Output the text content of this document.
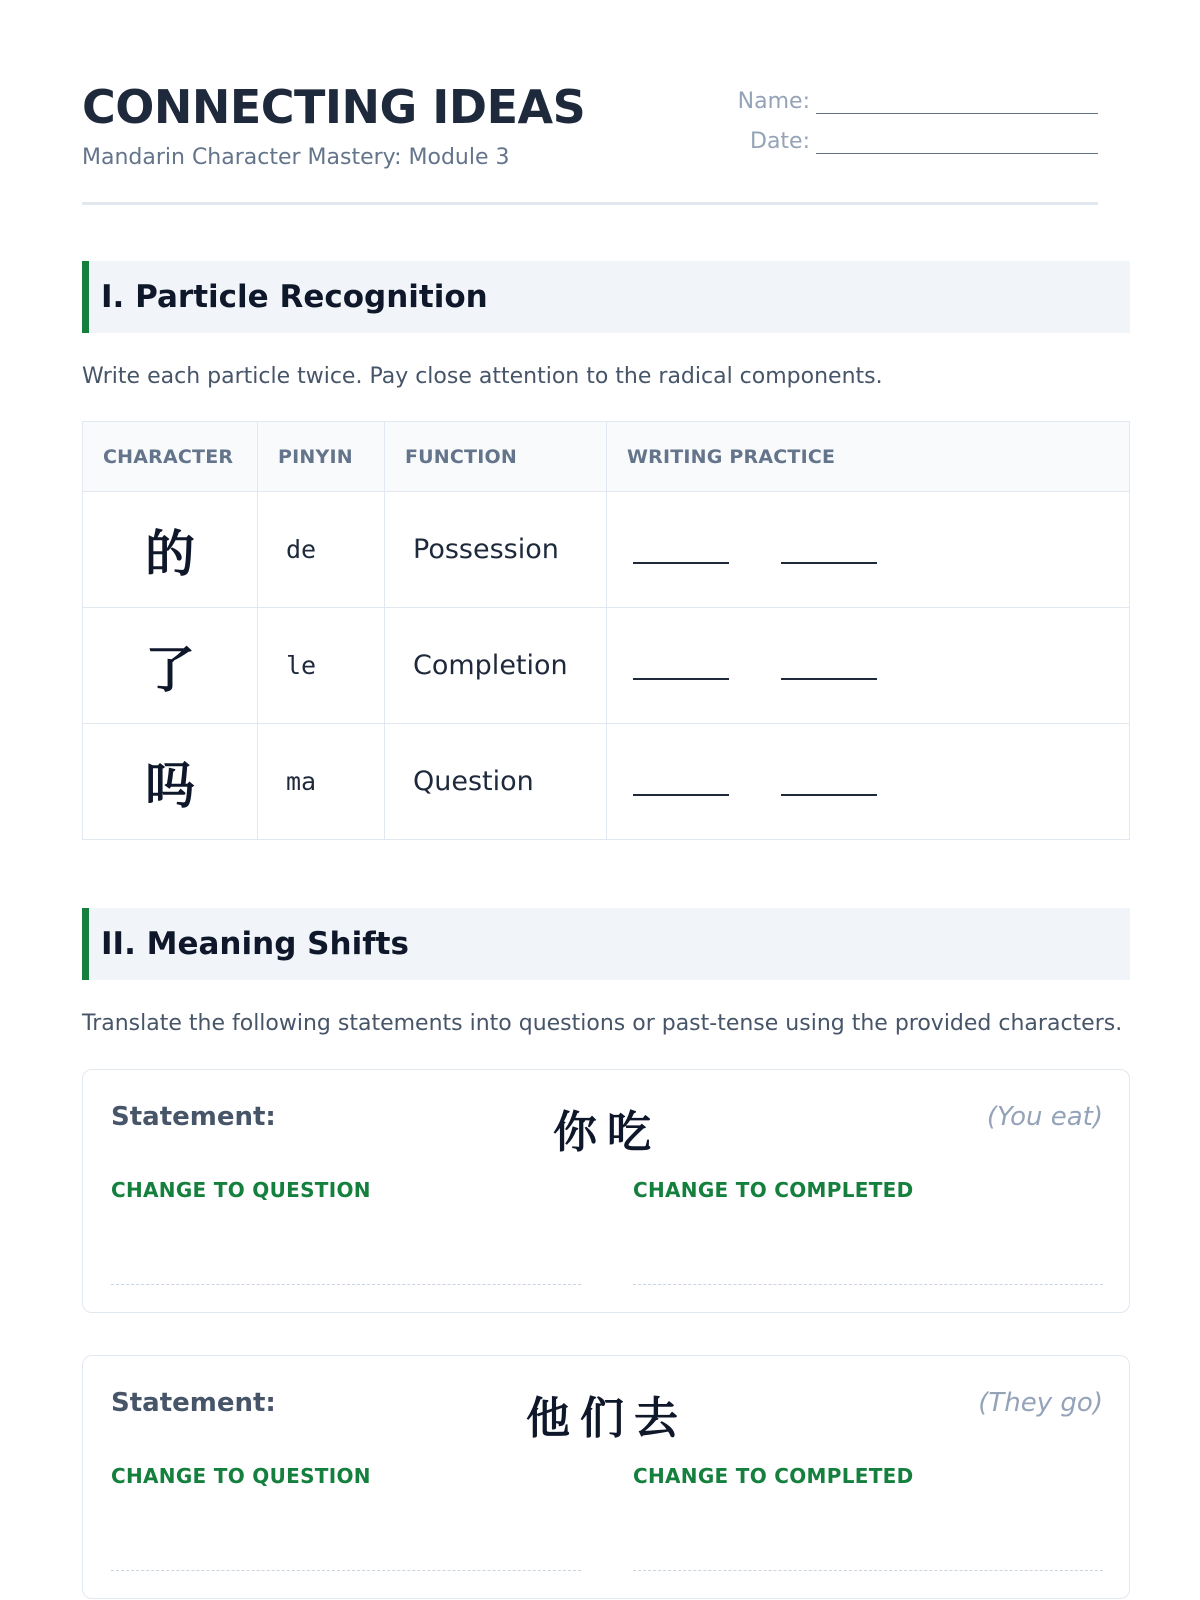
CONNECTING IDEAS
Mandarin Character Mastery: Module 3
Name:
Date:
I. Particle Recognition
Write each particle twice. Pay close attention to the radical components.
CHARACTER	PINYIN	FUNCTION	WRITING PRACTICE
的	de	Possession	
了	le	Completion	
吗	ma	Question	
II. Meaning Shifts
Translate the following statements into questions or past-tense using the provided characters.
Statement:	你吃	(You eat)
CHANGE TO QUESTION	CHANGE TO COMPLETED
Statement:	他们去	(They go)
CHANGE TO QUESTION	CHANGE TO COMPLETED
